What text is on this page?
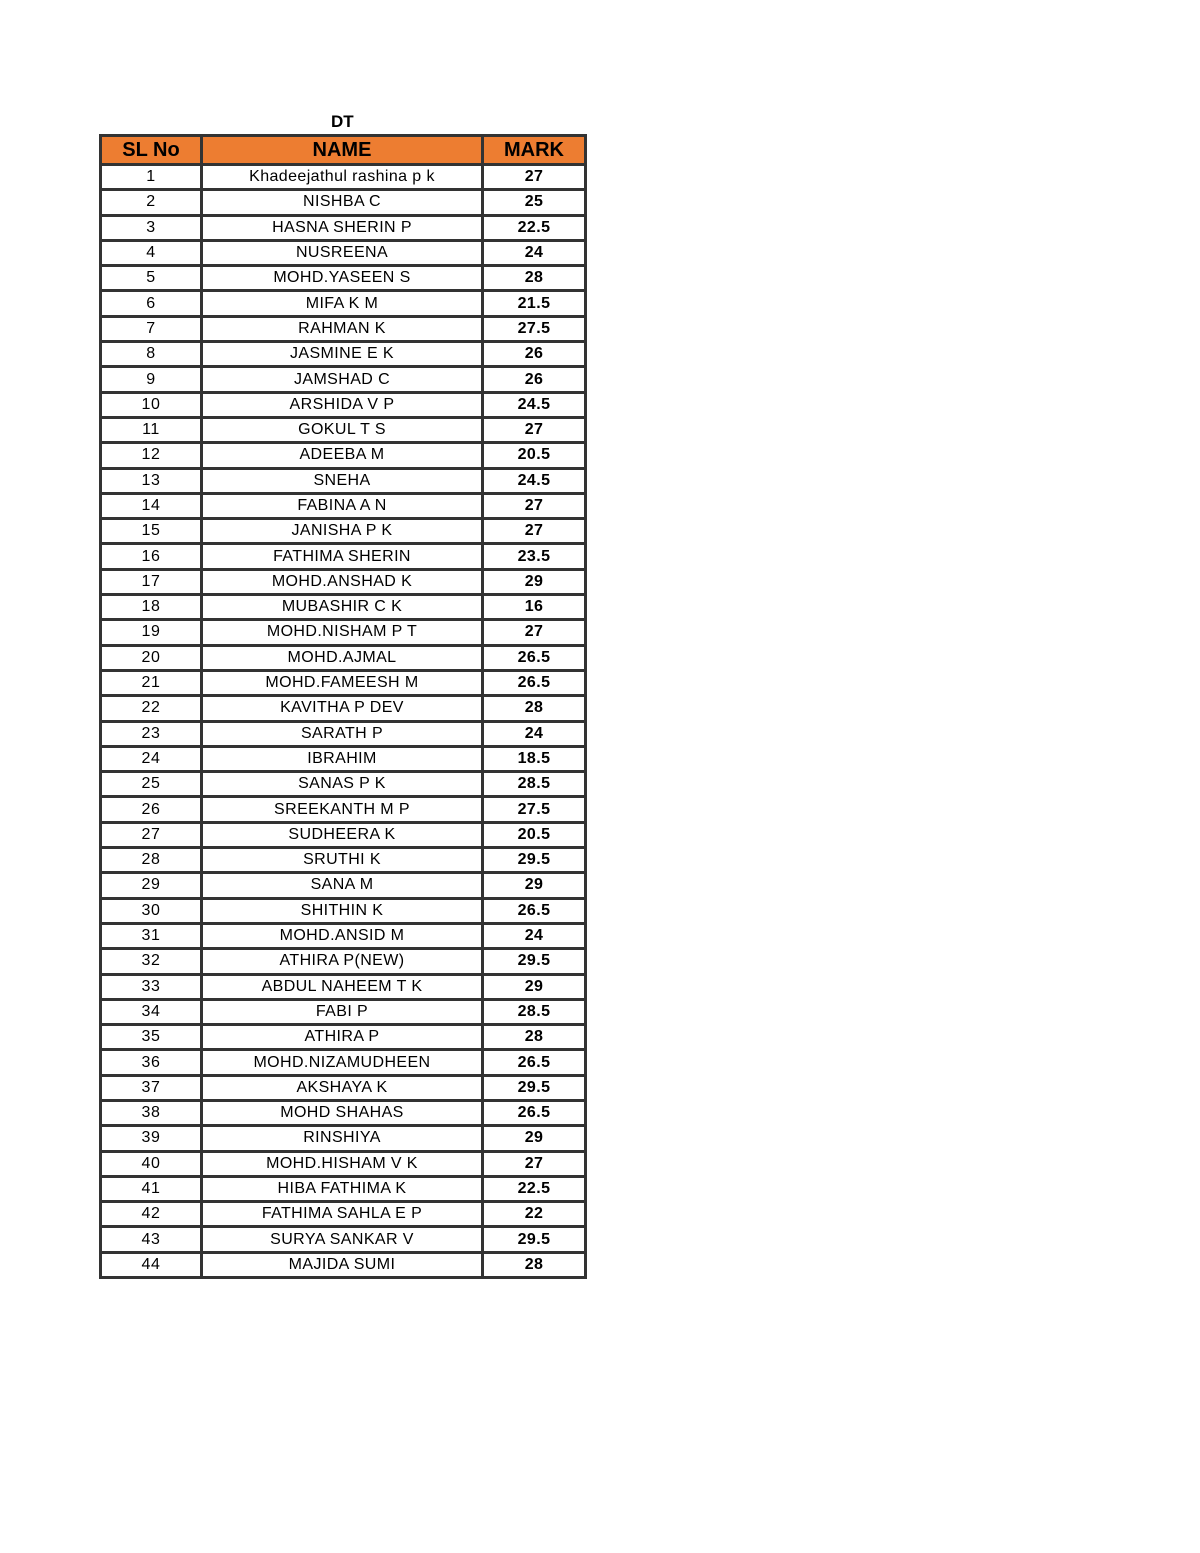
DT
SL No	NAME	MARK
1	Khadeejathul rashina p k	27
2	NISHBA C	25
3	HASNA SHERIN P	22.5
4	NUSREENA	24
5	MOHD.YASEEN S	28
6	MIFA K M	21.5
7	RAHMAN K	27.5
8	JASMINE E K	26
9	JAMSHAD C	26
10	ARSHIDA V P	24.5
11	GOKUL T S	27
12	ADEEBA M	20.5
13	SNEHA	24.5
14	FABINA A N	27
15	JANISHA P K	27
16	FATHIMA SHERIN	23.5
17	MOHD.ANSHAD K	29
18	MUBASHIR C K	16
19	MOHD.NISHAM P T	27
20	MOHD.AJMAL	26.5
21	MOHD.FAMEESH M	26.5
22	KAVITHA P DEV	28
23	SARATH P	24
24	IBRAHIM	18.5
25	SANAS P K	28.5
26	SREEKANTH M P	27.5
27	SUDHEERA K	20.5
28	SRUTHI K	29.5
29	SANA M	29
30	SHITHIN K	26.5
31	MOHD.ANSID M	24
32	ATHIRA P(NEW)	29.5
33	ABDUL NAHEEM T K	29
34	FABI P	28.5
35	ATHIRA P	28
36	MOHD.NIZAMUDHEEN	26.5
37	AKSHAYA K	29.5
38	MOHD SHAHAS	26.5
39	RINSHIYA	29
40	MOHD.HISHAM V K	27
41	HIBA FATHIMA K	22.5
42	FATHIMA SAHLA E P	22
43	SURYA SANKAR V	29.5
44	MAJIDA SUMI	28
